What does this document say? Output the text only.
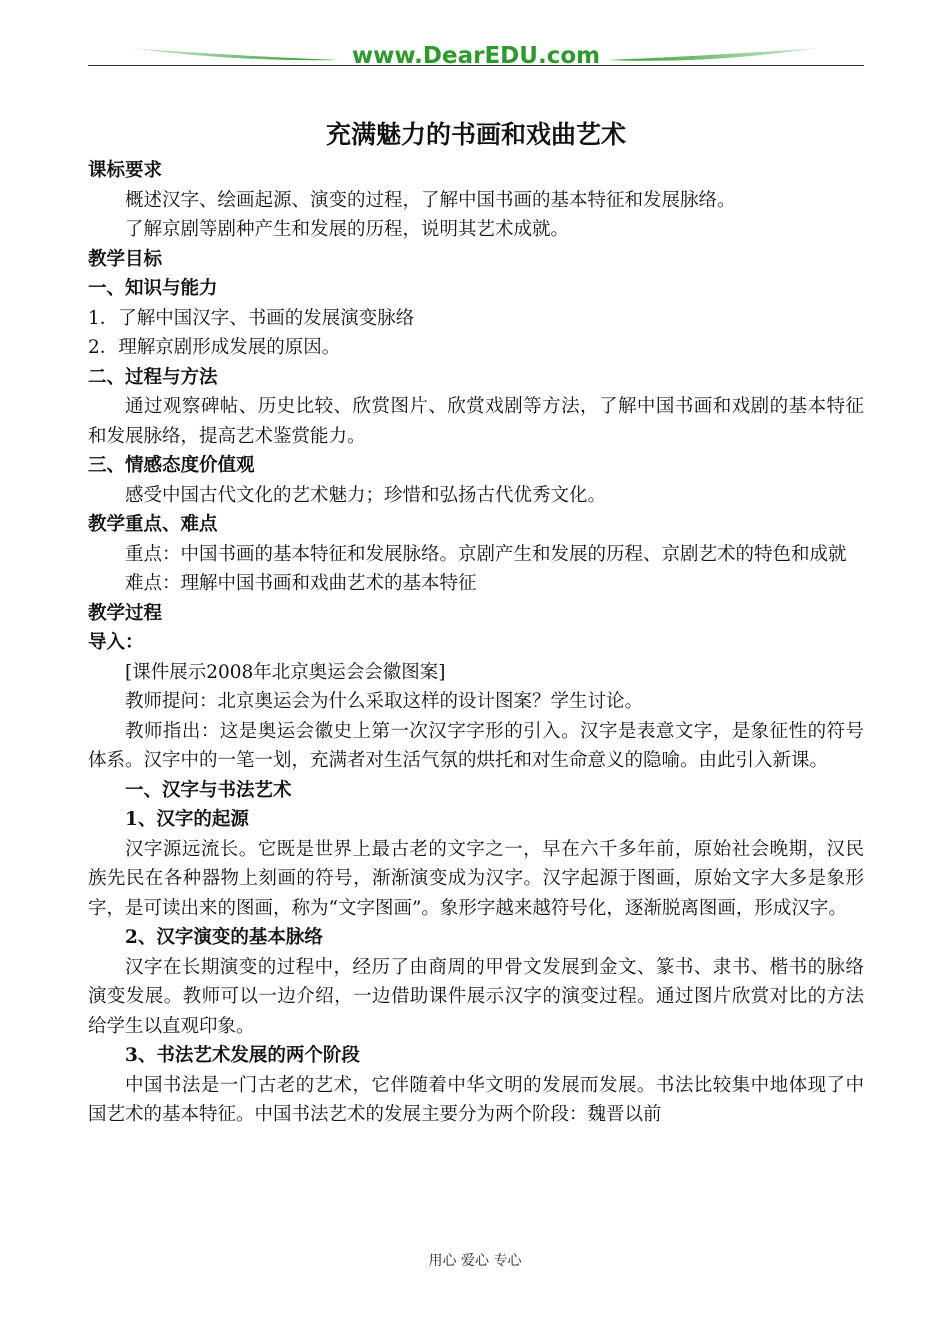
www.DearEDU.com
充满魅力的书画和戏曲艺术
课标要求
概述汉字、绘画起源、演变的过程，了解中国书画的基本特征和发展脉络。
了解京剧等剧种产生和发展的历程，说明其艺术成就。
教学目标
一、知识与能力
1．了解中国汉字、书画的发展演变脉络
2．理解京剧形成发展的原因。
二、过程与方法
通过观察碑帖、历史比较、欣赏图片、欣赏戏剧等方法，了解中国书画和戏剧的基本特征和发展脉络，提高艺术鉴赏能力。
三、情感态度价值观
感受中国古代文化的艺术魅力；珍惜和弘扬古代优秀文化。
教学重点、难点
重点：中国书画的基本特征和发展脉络。京剧产生和发展的历程、京剧艺术的特色和成就
难点：理解中国书画和戏曲艺术的基本特征
教学过程
导入：
[课件展示2008年北京奥运会会徽图案]
教师提问：北京奥运会为什么采取这样的设计图案？学生讨论。
教师指出：这是奥运会徽史上第一次汉字字形的引入。汉字是表意文字，是象征性的符号体系。汉字中的一笔一划，充满者对生活气氛的烘托和对生命意义的隐喻。由此引入新课。
一、汉字与书法艺术
1、汉字的起源
汉字源远流长。它既是世界上最古老的文字之一，早在六千多年前，原始社会晚期，汉民族先民在各种器物上刻画的符号，渐渐演变成为汉字。汉字起源于图画，原始文字大多是象形字，是可读出来的图画，称为“文字图画”。象形字越来越符号化，逐渐脱离图画，形成汉字。
2、汉字演变的基本脉络
汉字在长期演变的过程中，经历了由商周的甲骨文发展到金文、篆书、隶书、楷书的脉络演变发展。教师可以一边介绍，一边借助课件展示汉字的演变过程。通过图片欣赏对比的方法给学生以直观印象。
3、书法艺术发展的两个阶段
中国书法是一门古老的艺术，它伴随着中华文明的发展而发展。书法比较集中地体现了中国艺术的基本特征。中国书法艺术的发展主要分为两个阶段：魏晋以前
用心 爱心 专心
